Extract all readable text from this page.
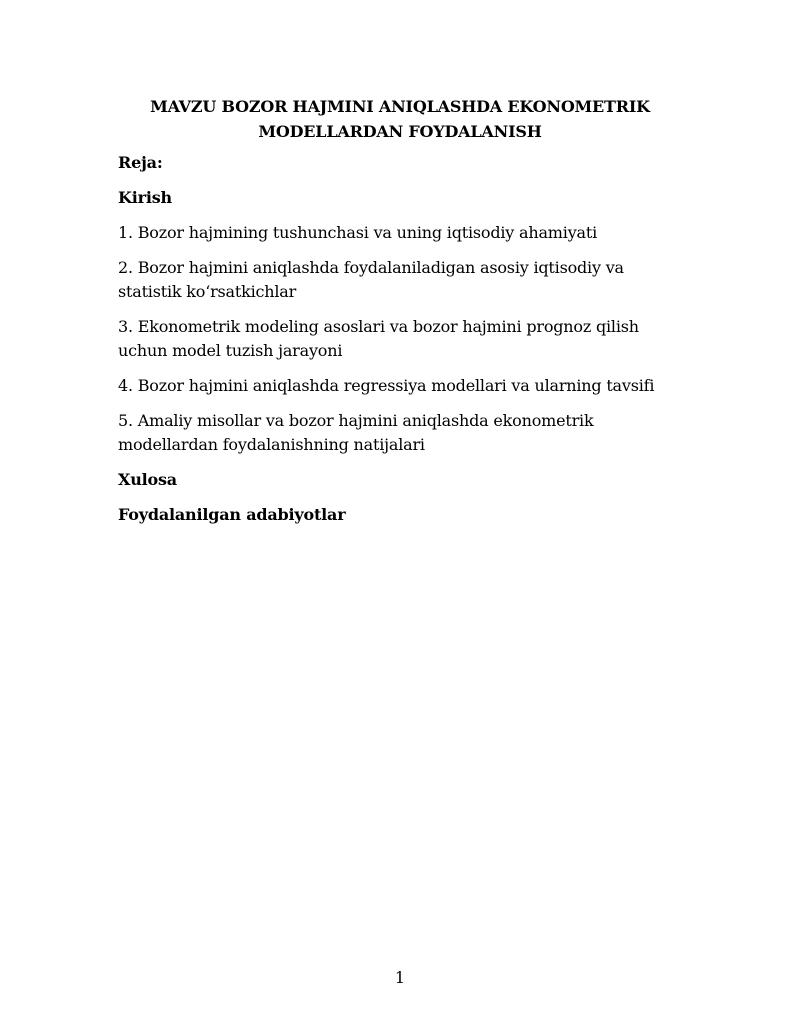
MAVZU BOZOR HAJMINI ANIQLASHDA EKONOMETRIK
MODELLARDAN FOYDALANISH

Reja:

Kirish

1. Bozor hajmining tushunchasi va uning iqtisodiy ahamiyati

2. Bozor hajmini aniqlashda foydalaniladigan asosiy iqtisodiy va statistik ko‘rsatkichlar

3. Ekonometrik modeling asoslari va bozor hajmini prognoz qilish uchun model tuzish jarayoni

4. Bozor hajmini aniqlashda regressiya modellari va ularning tavsifi

5. Amaliy misollar va bozor hajmini aniqlashda ekonometrik modellardan foydalanishning natijalari

Xulosa

Foydalanilgan adabiyotlar

1
